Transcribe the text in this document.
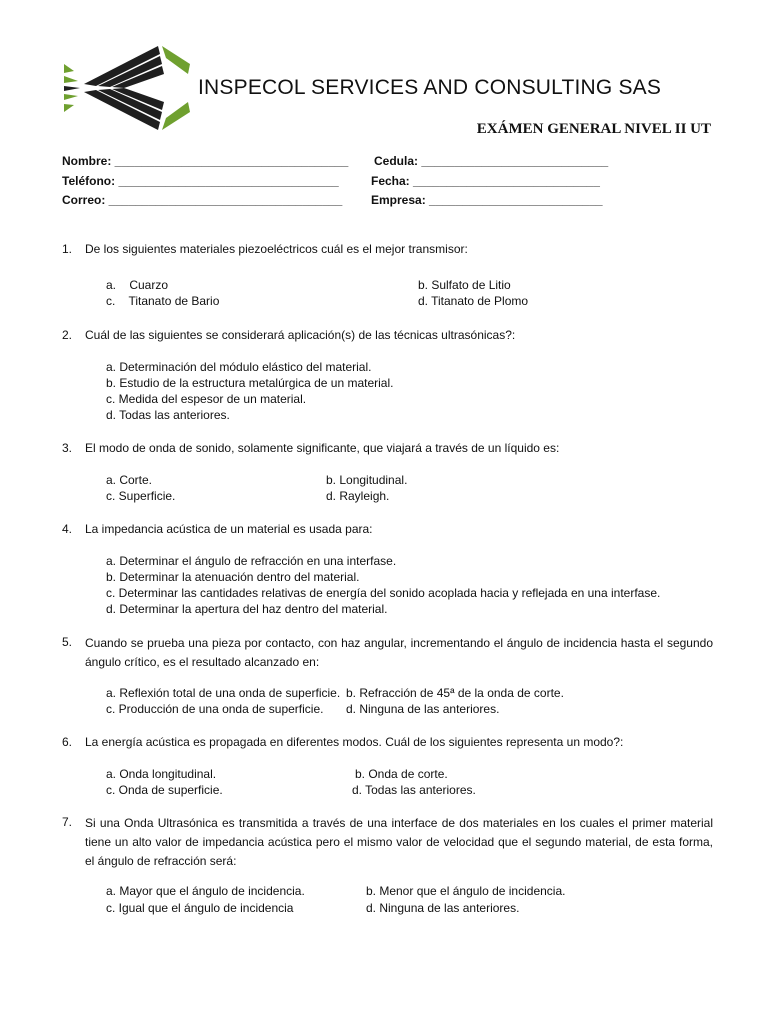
INSPECOL SERVICES AND CONSULTING SAS
EXÁMEN GENERAL NIVEL II UT
Nombre: ___________________________________ Cedula: ____________________________
Teléfono: _________________________________	Fecha: ____________________________
Correo: ___________________________________ Empresa: __________________________
1. De los siguientes materiales piezoeléctricos cuál es el mejor transmisor:
a.    Cuarzo	b. Sulfato de Litio
c.    Titanato de Bario	d. Titanato de Plomo
2. Cuál de las siguientes se considerará aplicación(s) de las técnicas ultrasónicas?:
a. Determinación del módulo elástico del material.
b. Estudio de la estructura metalúrgica de un material.
c. Medida del espesor de un material.
d. Todas las anteriores.
3. El modo de onda de sonido, solamente significante, que viajará a través de un líquido es:
a. Corte.	b. Longitudinal.
c. Superficie.	d. Rayleigh.
4. La impedancia acústica de un material es usada para:
a. Determinar el ángulo de refracción en una interfase.
b. Determinar la atenuación dentro del material.
c. Determinar las cantidades relativas de energía del sonido acoplada hacia y reflejada en una interfase.
d. Determinar la apertura del haz dentro del material.
5. Cuando se prueba una pieza por contacto, con haz angular, incrementando el ángulo de incidencia hasta el segundo ángulo crítico, es el resultado alcanzado en:
a. Reflexión total de una onda de superficie. b. Refracción de 45ª de la onda de corte.
c. Producción de una onda de superficie. d. Ninguna de las anteriores.
6. La energía acústica es propagada en diferentes modos. Cuál de los siguientes representa un modo?:
a. Onda longitudinal.	b. Onda de corte.
c. Onda de superficie.	d. Todas las anteriores.
7. Si una Onda Ultrasónica es transmitida a través de una interface de dos materiales en los cuales el primer material tiene un alto valor de impedancia acústica pero el mismo valor de velocidad que el segundo material, de esta forma, el ángulo de refracción será:
a. Mayor que el ángulo de incidencia.	b. Menor que el ángulo de incidencia.
c. Igual que el ángulo de incidencia	d. Ninguna de las anteriores.
